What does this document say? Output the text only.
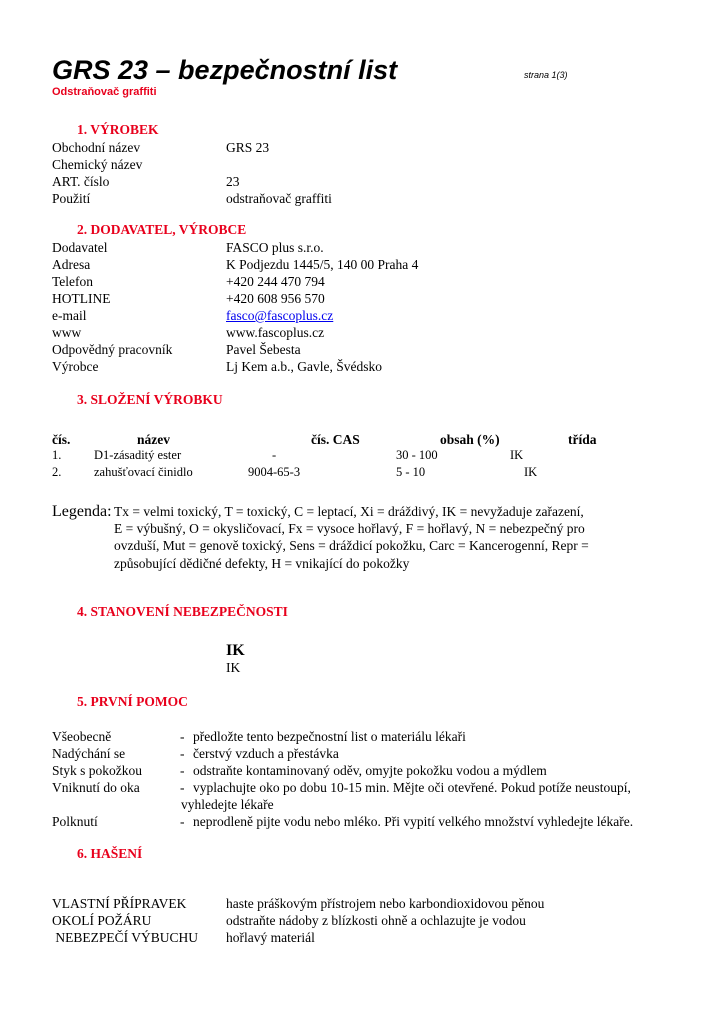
GRS 23 – bezpečnostní list	strana 1(3)
Odstraňovač graffiti
1. VÝROBEK
Obchodní název	GRS 23
Chemický název
ART. číslo	23
Použití	odstraňovač graffiti
2. DODAVATEL, VÝROBCE
Dodavatel	FASCO plus s.r.o.
Adresa	K Podjezdu 1445/5, 140 00 Praha 4
Telefon	+420 244 470 794
HOTLINE	+420 608 956 570
e-mail	fasco@fascoplus.cz
www	www.fascoplus.cz
Odpovědný pracovník	Pavel Šebesta
Výrobce	Lj Kem a.b., Gavle, Švédsko
3. SLOŽENÍ VÝROBKU
čís.	název	čís. CAS	obsah (%)	třída
1.	D1-zásaditý ester	-	30 - 100	IK
2.	zahušťovací činidlo	9004-65-3	5 - 10	IK
Legenda: Tx = velmi toxický, T = toxický, C = leptací, Xi = dráždivý, IK = nevyžaduje zařazení, E = výbušný, O = okysličovací, Fx = vysoce hořlavý, F = hořlavý, N = nebezpečný pro ovzduší, Mut = genově toxický, Sens = dráždicí pokožku, Carc = Kancerogenní, Repr = způsobující dědičné defekty, H = vnikající do pokožky
4. STANOVENÍ NEBEZPEČNOSTI
IK
IK
5. PRVNÍ POMOC
Všeobecně	- předložte tento bezpečnostní list o materiálu lékaři
Nadýchání se	- čerstvý vzduch a přestávka
Styk s pokožkou	- odstraňte kontaminovaný oděv, omyjte pokožku vodou a mýdlem
Vniknutí do oka	- vyplachujte oko po dobu 10-15 min. Mějte oči otevřené. Pokud potíže neustoupí,
vyhledejte lékaře
Polknutí	- neprodleně pijte vodu nebo mléko. Při vypití velkého množství vyhledejte lékaře.
6. HAŠENÍ
VLASTNÍ PŘÍPRAVEK	haste práškovým přístrojem nebo karbondioxidovou pěnou
OKOLÍ POŽÁRU	odstraňte nádoby z blízkosti ohně a ochlazujte je vodou
NEBEZPEČÍ VÝBUCHU hořlavý materiál
